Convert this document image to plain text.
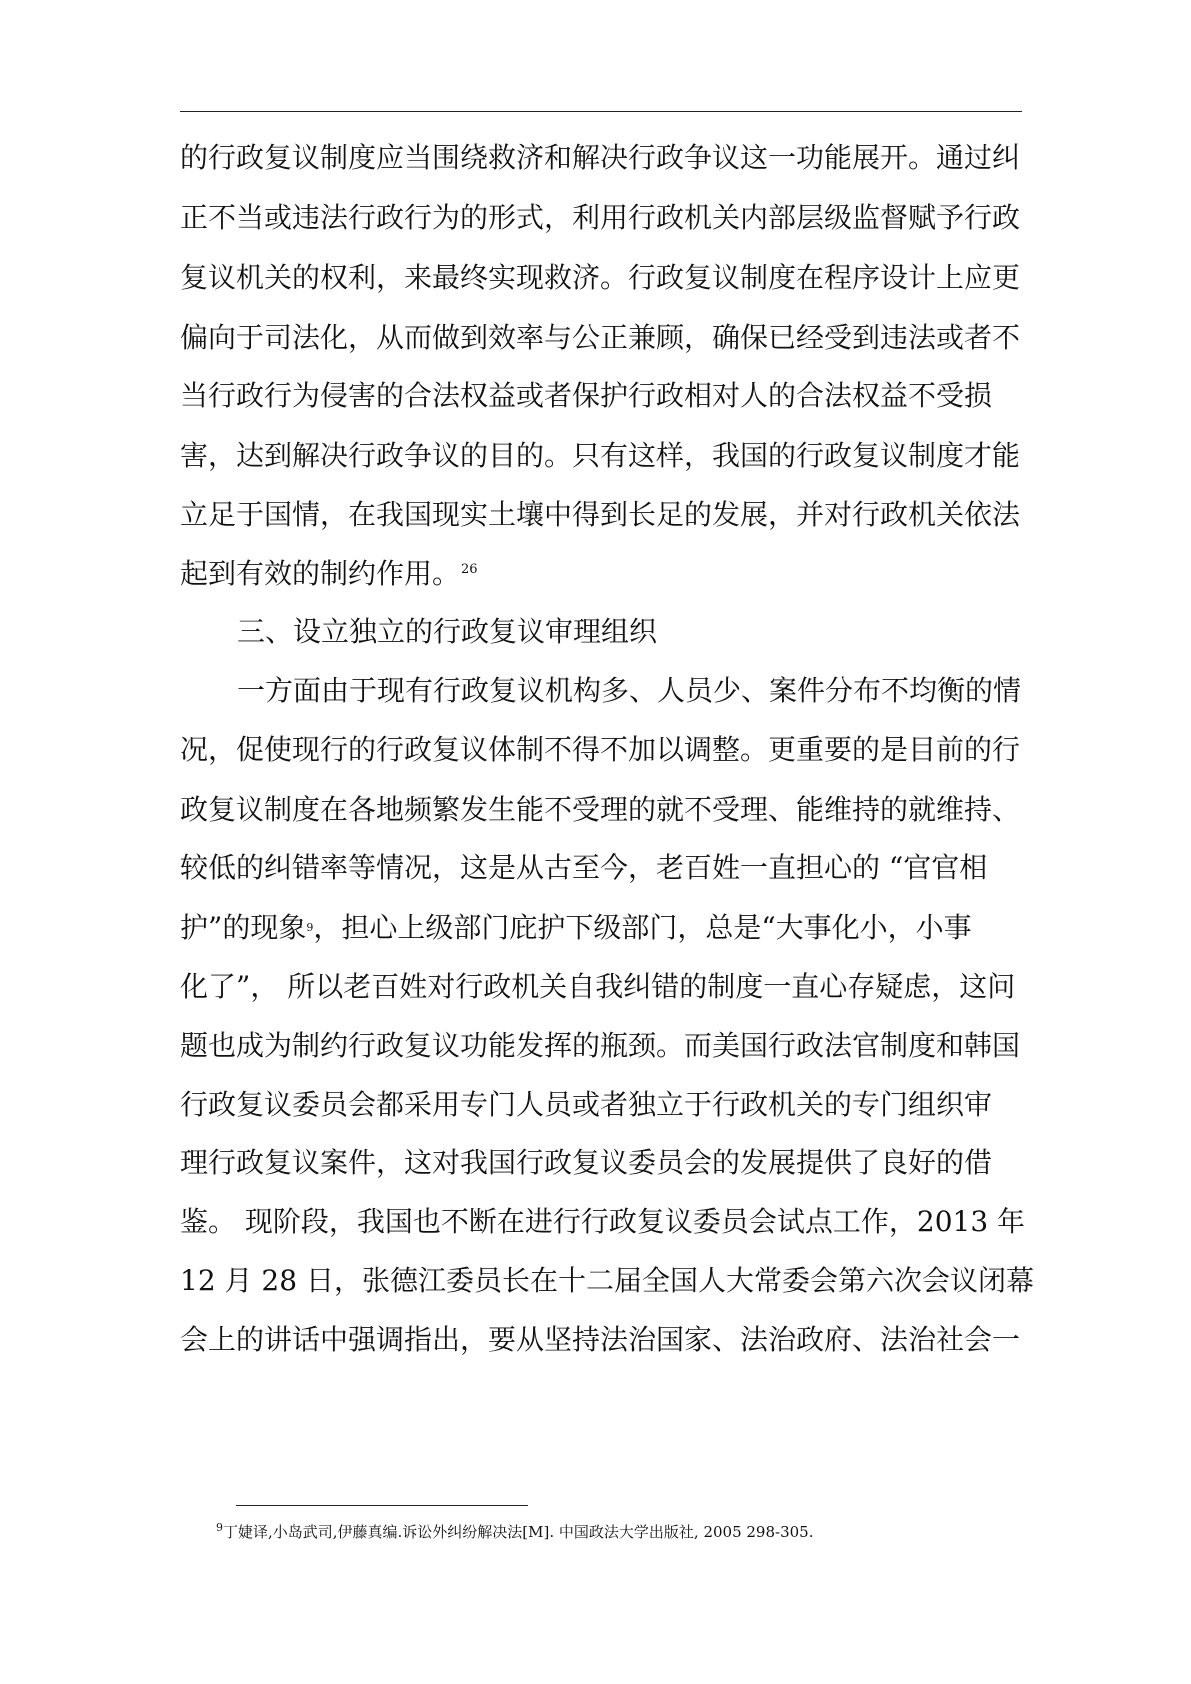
的行政复议制度应当围绕救济和解决行政争议这一功能展开。通过纠
正不当或违法行政行为的形式，利用行政机关内部层级监督赋予行政
复议机关的权利，来最终实现救济。行政复议制度在程序设计上应更
偏向于司法化，从而做到效率与公正兼顾，确保已经受到违法或者不
当行政行为侵害的合法权益或者保护行政相对人的合法权益不受损
害，达到解决行政争议的目的。只有这样，我国的行政复议制度才能
立足于国情，在我国现实土壤中得到长足的发展，并对行政机关依法
起到有效的制约作用。$^{26}$
三、设立独立的行政复议审理组织
一方面由于现有行政复议机构多、人员少、案件分布不均衡的情
况，促使现行的行政复议体制不得不加以调整。更重要的是目前的行
政复议制度在各地频繁发生能不受理的就不受理、能维持的就维持、
较低的纠错率等情况，这是从古至今，老百姓一直担心的 “官官相
护”的现象$^9$，担心上级部门庇护下级部门，总是“大事化小，小事
化了”， 所以老百姓对行政机关自我纠错的制度一直心存疑虑，这问
题也成为制约行政复议功能发挥的瓶颈。而美国行政法官制度和韩国
行政复议委员会都采用专门人员或者独立于行政机关的专门组织审
理行政复议案件，这对我国行政复议委员会的发展提供了良好的借
鉴。 现阶段，我国也不断在进行行政复议委员会试点工作，2013 年
12 月 28 日，张德江委员长在十二届全国人大常委会第六次会议闭幕
会上的讲话中强调指出，要从坚持法治国家、法治政府、法治社会一
$^9$丁婕译,小岛武司,伊藤真编.诉讼外纠纷解决法[M]. 中国政法大学出版社, 2005 298-305.
